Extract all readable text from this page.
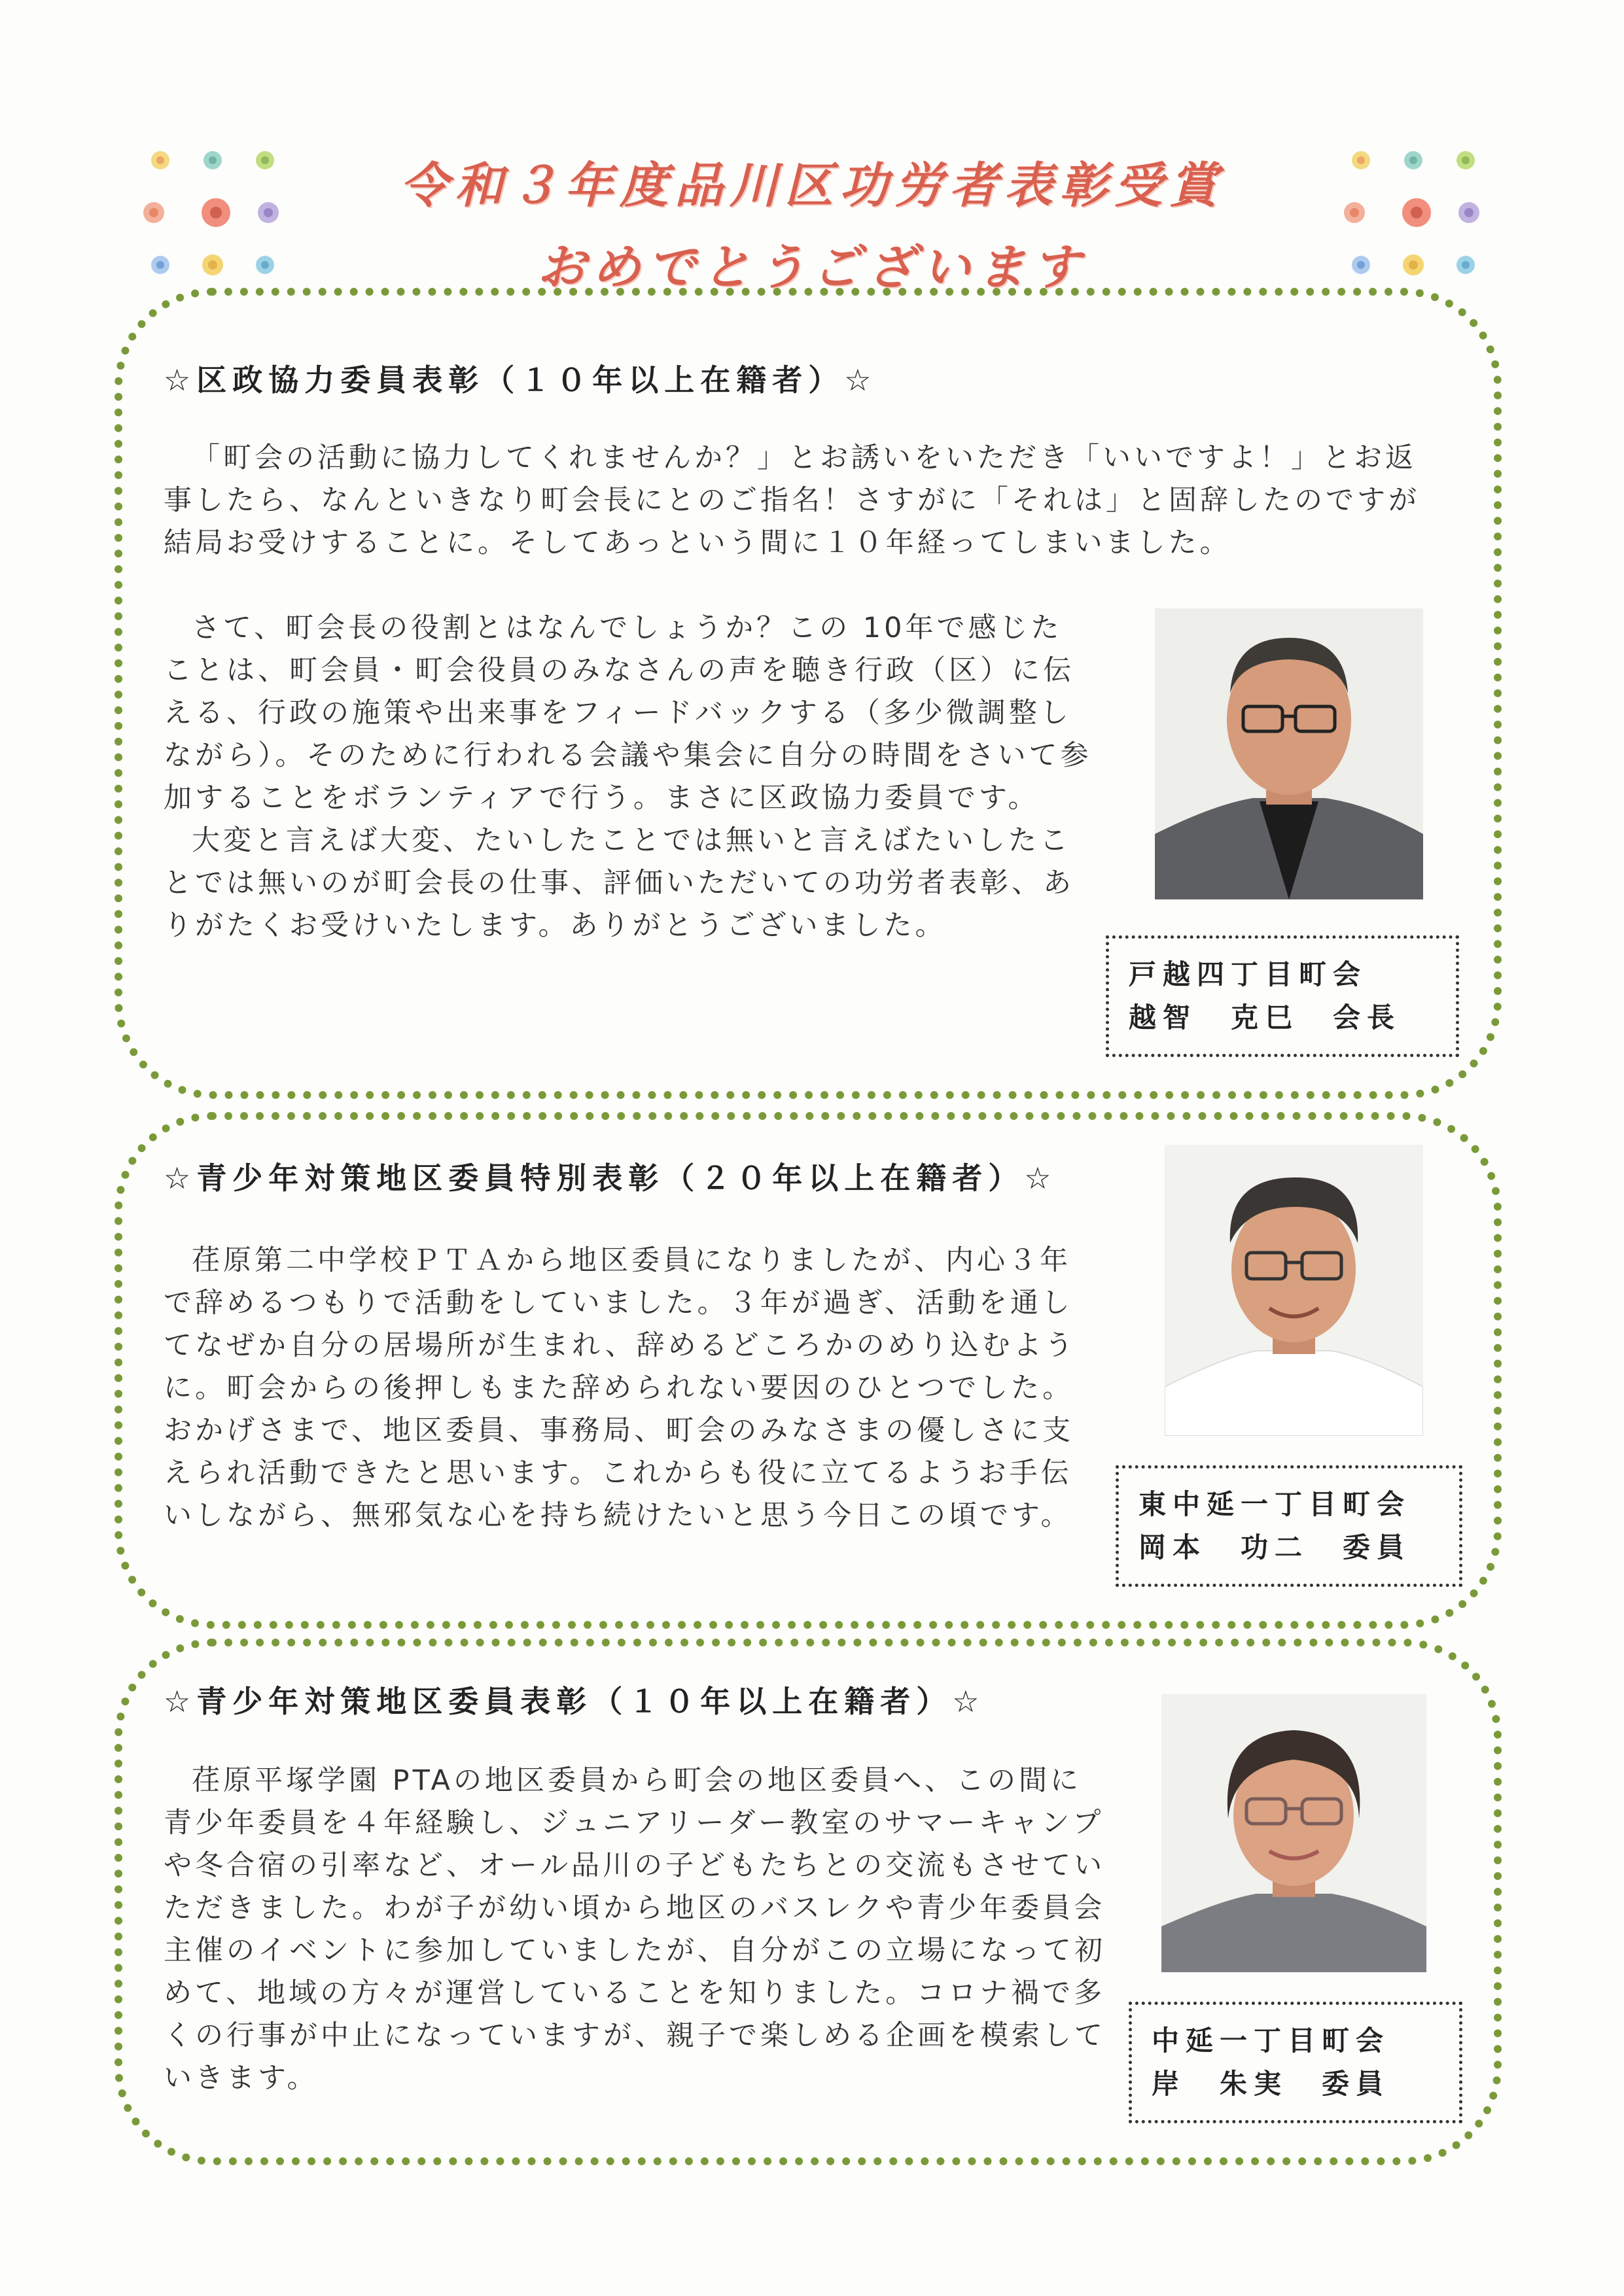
令和３年度品川区功労者表彰受賞
おめでとうございます
☆区政協力委員表彰（１０年以上在籍者）☆

「町会の活動に協力してくれませんか？」とお誘いをいただき「いいですよ！」とお返事したら、なんといきなり町会長にとのご指名！さすがに「それは」と固辞したのですが結局お受けすることに。そしてあっという間に１０年経ってしまいました。

さて、町会長の役割とはなんでしょうか？この 10年で感じたことは、町会員・町会役員のみなさんの声を聴き行政（区）に伝える、行政の施策や出来事をフィードバックする（多少微調整しながら）。そのために行われる会議や集会に自分の時間をさいて参加することをボランティアで行う。まさに区政協力委員です。

大変と言えば大変、たいしたことでは無いと言えばたいしたことでは無いのが町会長の仕事、評価いただいての功労者表彰、ありがたくお受けいたします。ありがとうございました。

戸越四丁目町会
越智　克巳　会長
☆青少年対策地区委員特別表彰（２０年以上在籍者）☆

荏原第二中学校ＰＴＡから地区委員になりましたが、内心３年で辞めるつもりで活動をしていました。３年が過ぎ、活動を通してなぜか自分の居場所が生まれ、辞めるどころかのめり込むように。町会からの後押しもまた辞められない要因のひとつでした。おかげさまで、地区委員、事務局、町会のみなさまの優しさに支えられ活動できたと思います。これからも役に立てるようお手伝いしながら、無邪気な心を持ち続けたいと思う今日この頃です。	東中延一丁目町会
岡本　功二　委員
☆青少年対策地区委員表彰（１０年以上在籍者）☆

荏原平塚学園 PTAの地区委員から町会の地区委員へ、この間に青少年委員を４年経験し、ジュニアリーダー教室のサマーキャンプや冬合宿の引率など、オール品川の子どもたちとの交流もさせていただきました。わが子が幼い頃から地区のバスレクや青少年委員会主催のイベントに参加していましたが、自分がこの立場になって初めて、地域の方々が運営していることを知りました。コロナ禍で多くの行事が中止になっていますが、親子で楽しめる企画を模索していきます。

中延一丁目町会
岸　朱実　委員
